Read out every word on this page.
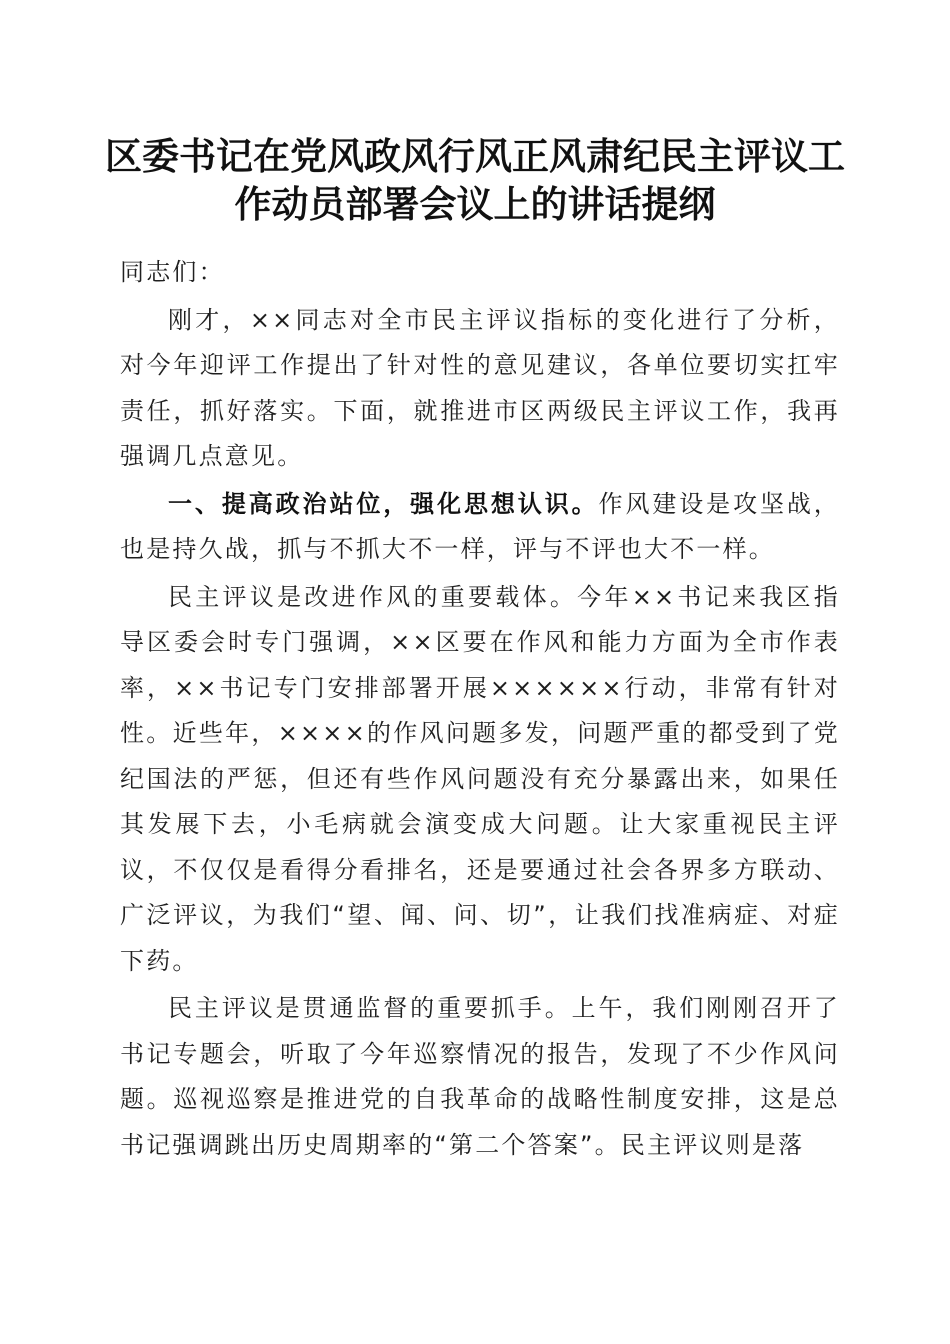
区委书记在党风政风行风正风肃纪民主评议工
作动员部署会议上的讲话提纲

同志们：

刚才，××同志对全市民主评议指标的变化进行了分析，对今年迎评工作提出了针对性的意见建议，各单位要切实扛牢责任，抓好落实。下面，就推进市区两级民主评议工作，我再强调几点意见。

一、提高政治站位，强化思想认识。作风建设是攻坚战，也是持久战，抓与不抓大不一样，评与不评也大不一样。

民主评议是改进作风的重要载体。今年××书记来我区指导区委会时专门强调，××区要在作风和能力方面为全市作表率，××书记专门安排部署开展××××××行动，非常有针对性。近些年，××××的作风问题多发，问题严重的都受到了党纪国法的严惩，但还有些作风问题没有充分暴露出来，如果任其发展下去，小毛病就会演变成大问题。让大家重视民主评议，不仅仅是看得分看排名，还是要通过社会各界多方联动、广泛评议，为我们“望、闻、问、切”，让我们找准病症、对症下药。

民主评议是贯通监督的重要抓手。上午，我们刚刚召开了书记专题会，听取了今年巡察情况的报告，发现了不少作风问题。巡视巡察是推进党的自我革命的战略性制度安排，这是总书记强调跳出历史周期率的“第二个答案”。民主评议则是落
